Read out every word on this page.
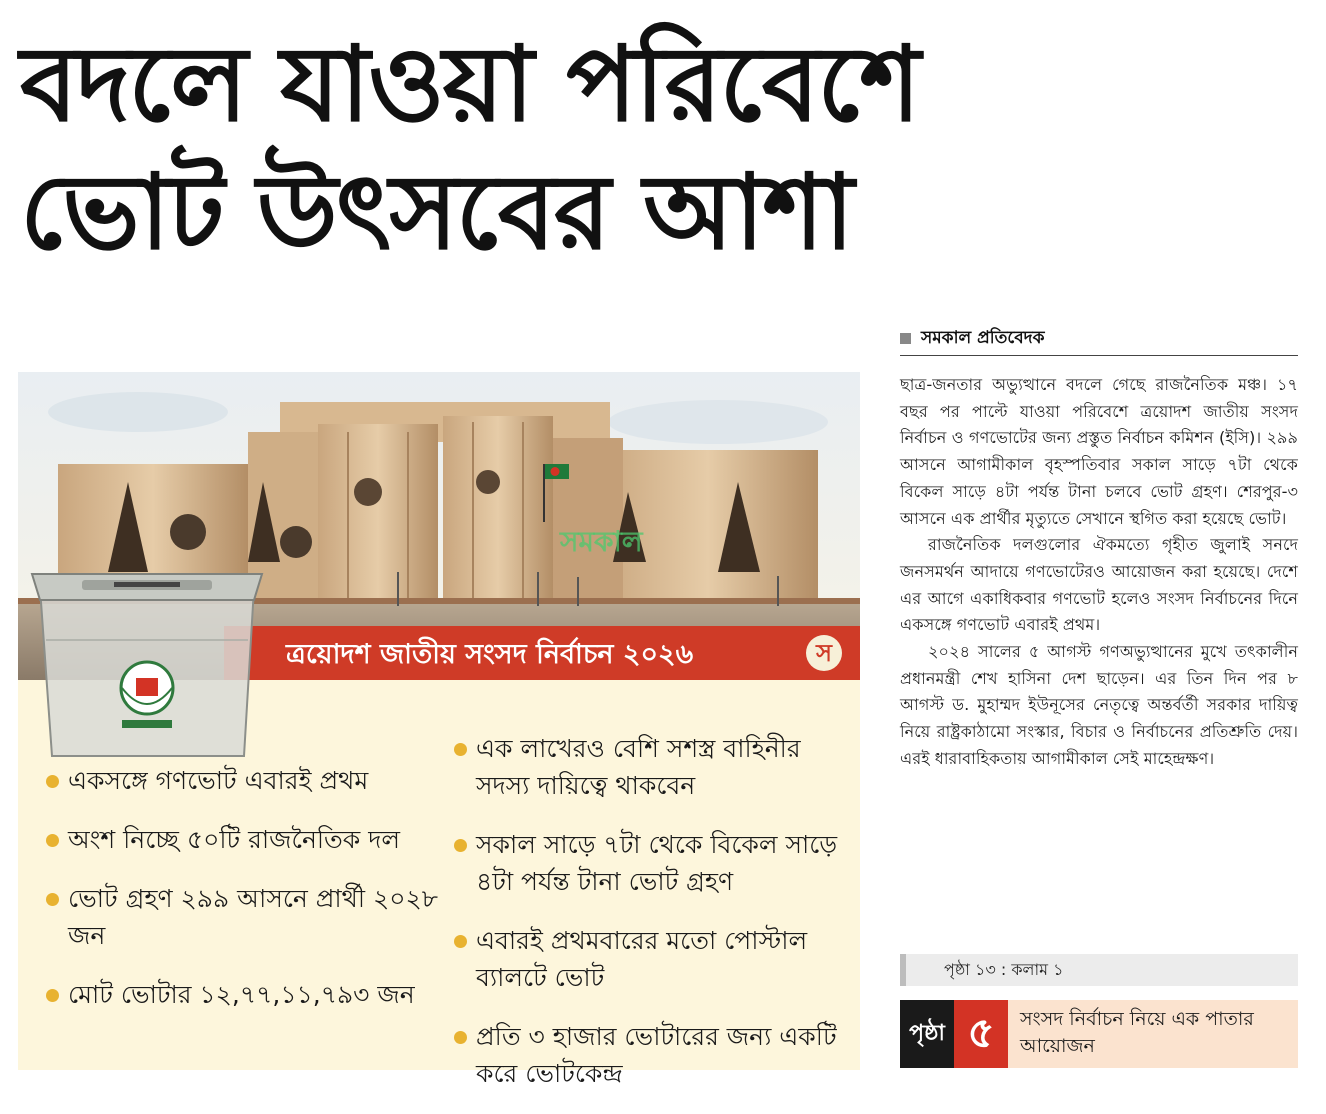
বদলে যাওয়া পরিবেশে ভোট উৎসবের আশা
সমকাল
ত্রয়োদশ জাতীয় সংসদ নির্বাচন ২০২৬	স
একসঙ্গে গণভোট এবারই প্রথম
অংশ নিচ্ছে ৫০টি রাজনৈতিক দল
ভোট গ্রহণ ২৯৯ আসনে প্রার্থী ২০২৮ জন
মোট ভোটার ১২,৭৭,১১,৭৯৩ জন
এক লাখেরও বেশি সশস্ত্র বাহিনীর সদস্য দায়িত্বে থাকবেন
সকাল সাড়ে ৭টা থেকে বিকেল সাড়ে ৪টা পর্যন্ত টানা ভোট গ্রহণ
এবারই প্রথমবারের মতো পোস্টাল ব্যালটে ভোট
প্রতি ৩ হাজার ভোটারের জন্য একটি করে ভোটকেন্দ্র
সমকাল প্রতিবেদক

ছাত্র-জনতার অভ্যুত্থানে বদলে গেছে রাজনৈতিক মঞ্চ। ১৭ বছর পর পাল্টে যাওয়া পরিবেশে ত্রয়োদশ জাতীয় সংসদ নির্বাচন ও গণভোটের জন্য প্রস্তুত নির্বাচন কমিশন (ইসি)। ২৯৯ আসনে আগামীকাল বৃহস্পতিবার সকাল সাড়ে ৭টা থেকে বিকেল সাড়ে ৪টা পর্যন্ত টানা চলবে ভোট গ্রহণ। শেরপুর-৩ আসনে এক প্রার্থীর মৃত্যুতে সেখানে স্থগিত করা হয়েছে ভোট।

রাজনৈতিক দলগুলোর ঐকমত্যে গৃহীত জুলাই সনদে জনসমর্থন আদায়ে গণভোটেরও আয়োজন করা হয়েছে। দেশে এর আগে একাধিকবার গণভোট হলেও সংসদ নির্বাচনের দিনে একসঙ্গে গণভোট এবারই প্রথম।

২০২৪ সালের ৫ আগস্ট গণঅভ্যুত্থানের মুখে তৎকালীন প্রধানমন্ত্রী শেখ হাসিনা দেশ ছাড়েন। এর তিন দিন পর ৮ আগস্ট ড. মুহাম্মদ ইউনূসের নেতৃত্বে অন্তর্বর্তী সরকার দায়িত্ব নিয়ে রাষ্ট্রকাঠামো সংস্কার, বিচার ও নির্বাচনের প্রতিশ্রুতি দেয়। এরই ধারাবাহিকতায় আগামীকাল সেই মাহেন্দ্রক্ষণ।

পৃষ্ঠা ১৩ : কলাম ১
পৃষ্ঠা ৫	সংসদ নির্বাচন নিয়ে এক পাতার আয়োজন
